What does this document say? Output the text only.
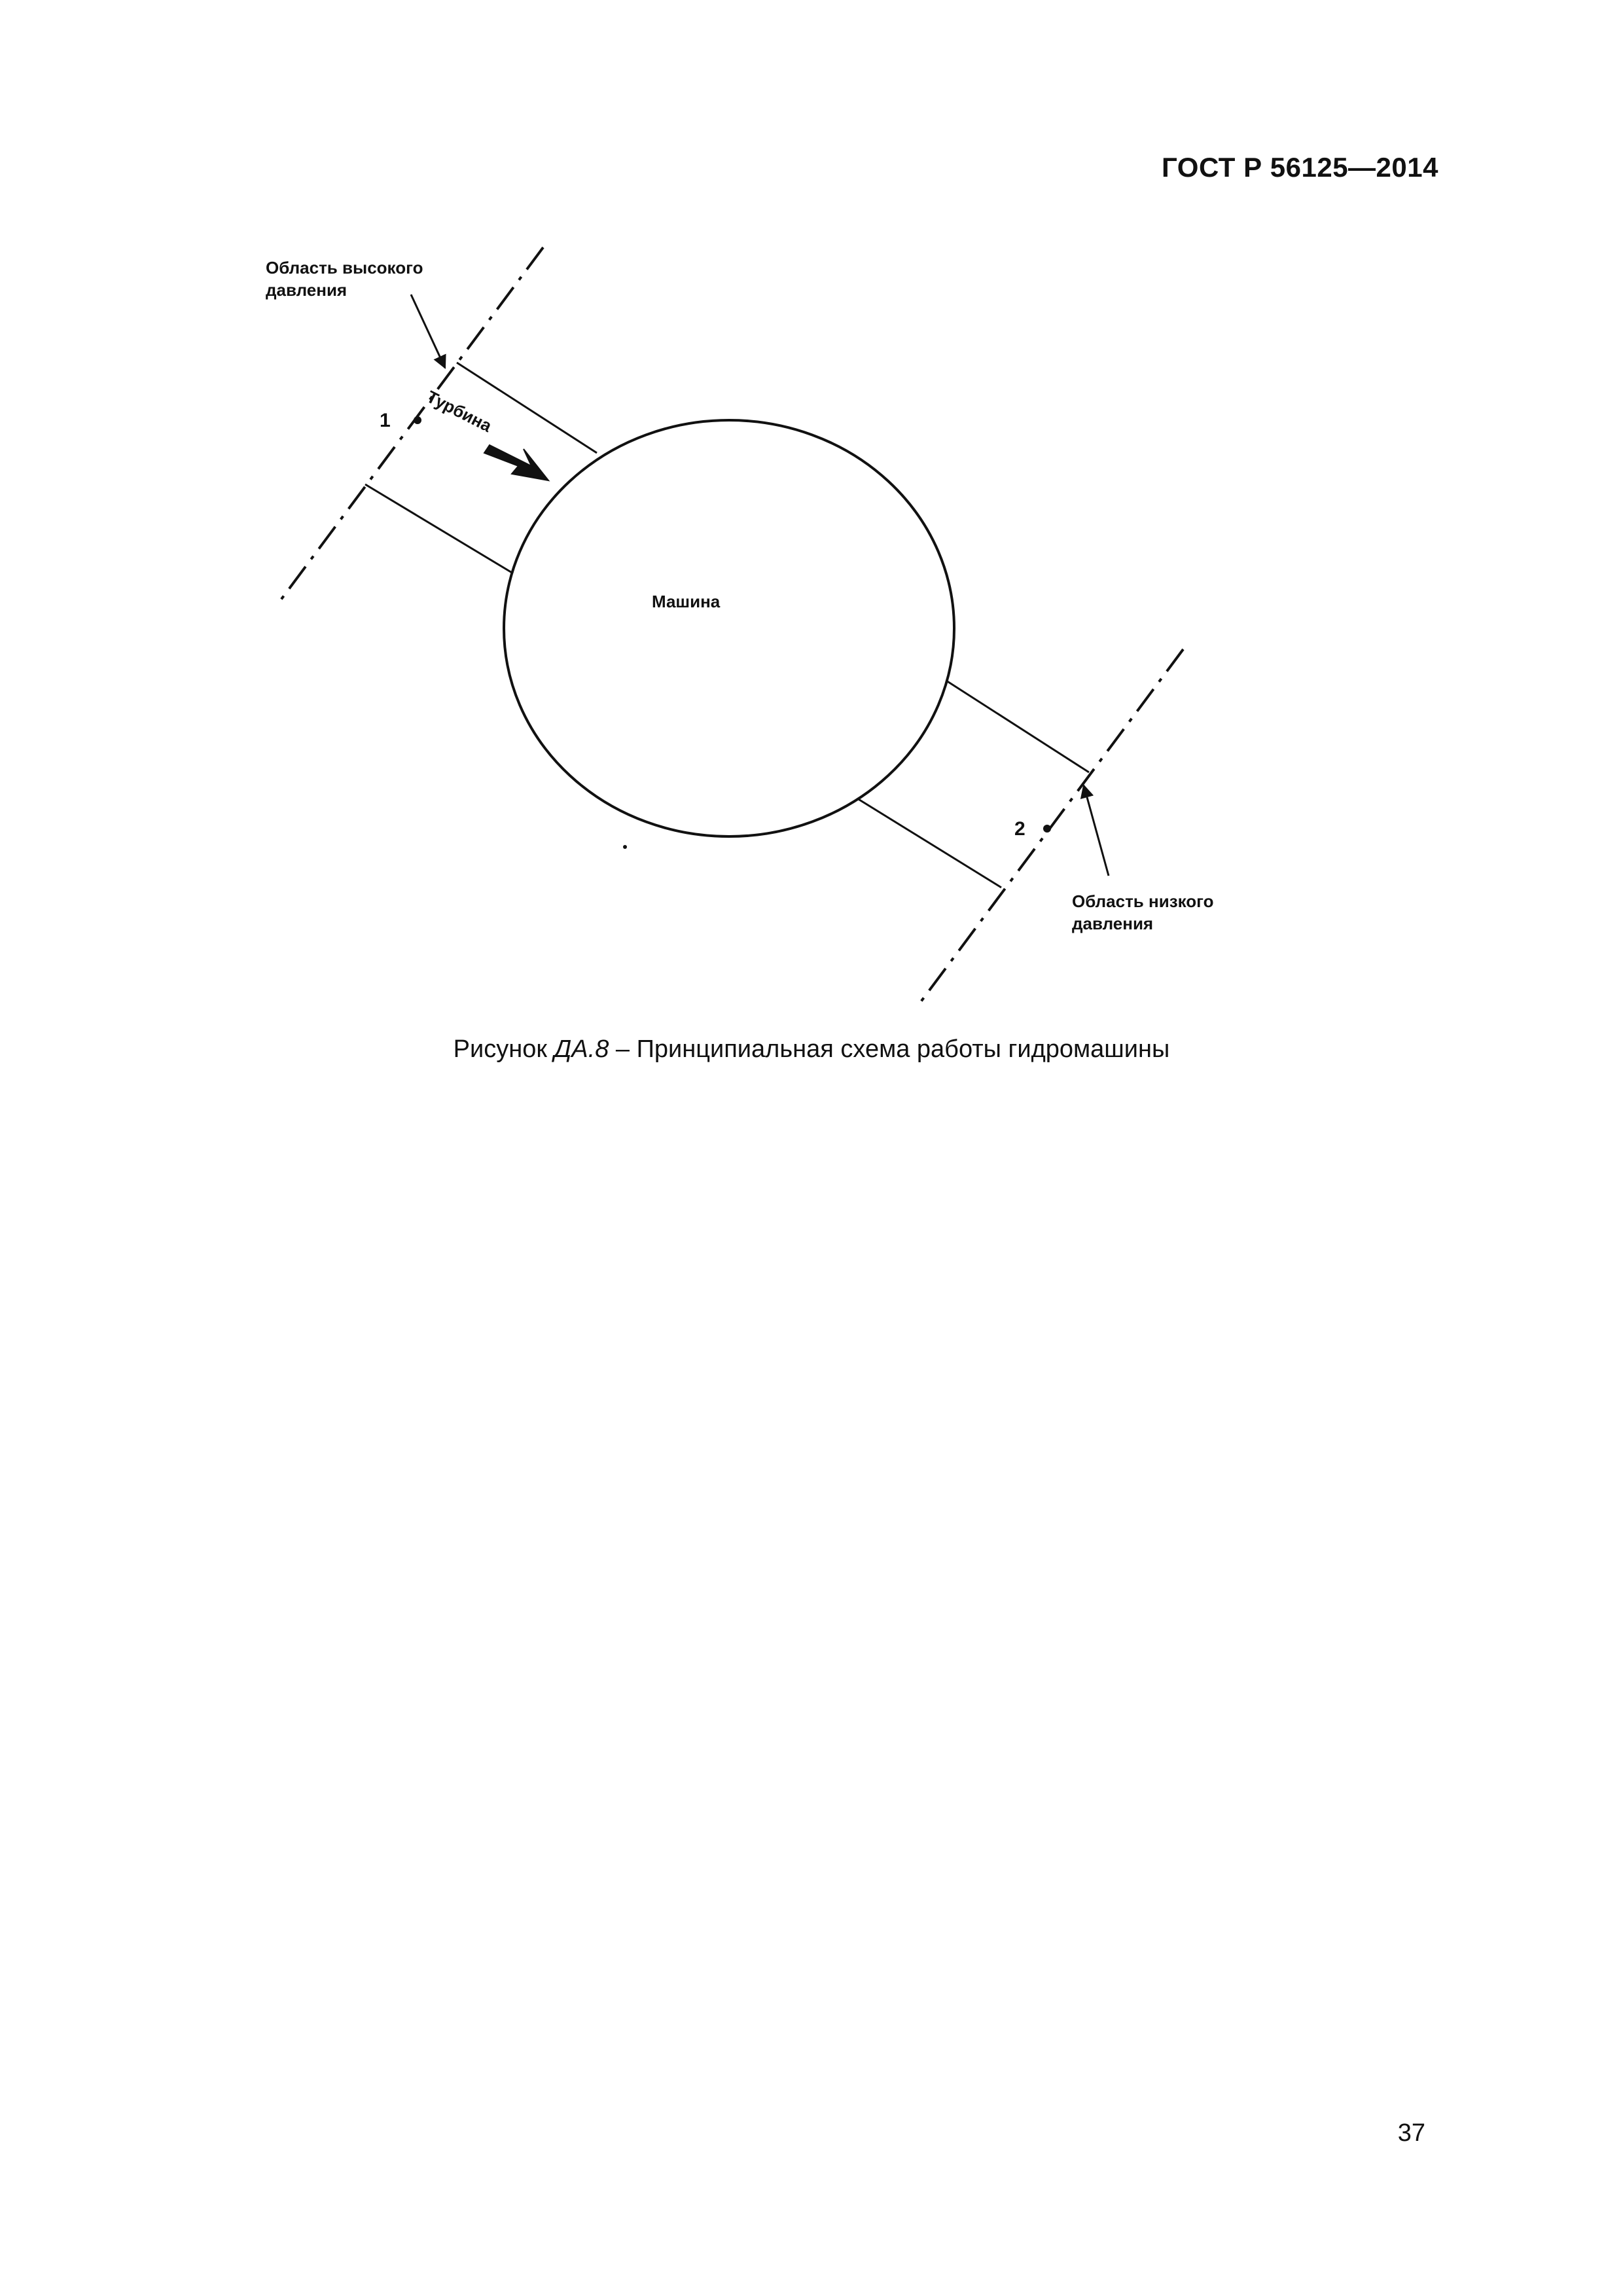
ГОСТ Р 56125—2014
Область высокого
давления
Турбина
1
Машина
2
Область низкого
давления
Рисунок ДА.8 – Принципиальная схема работы гидромашины
37
